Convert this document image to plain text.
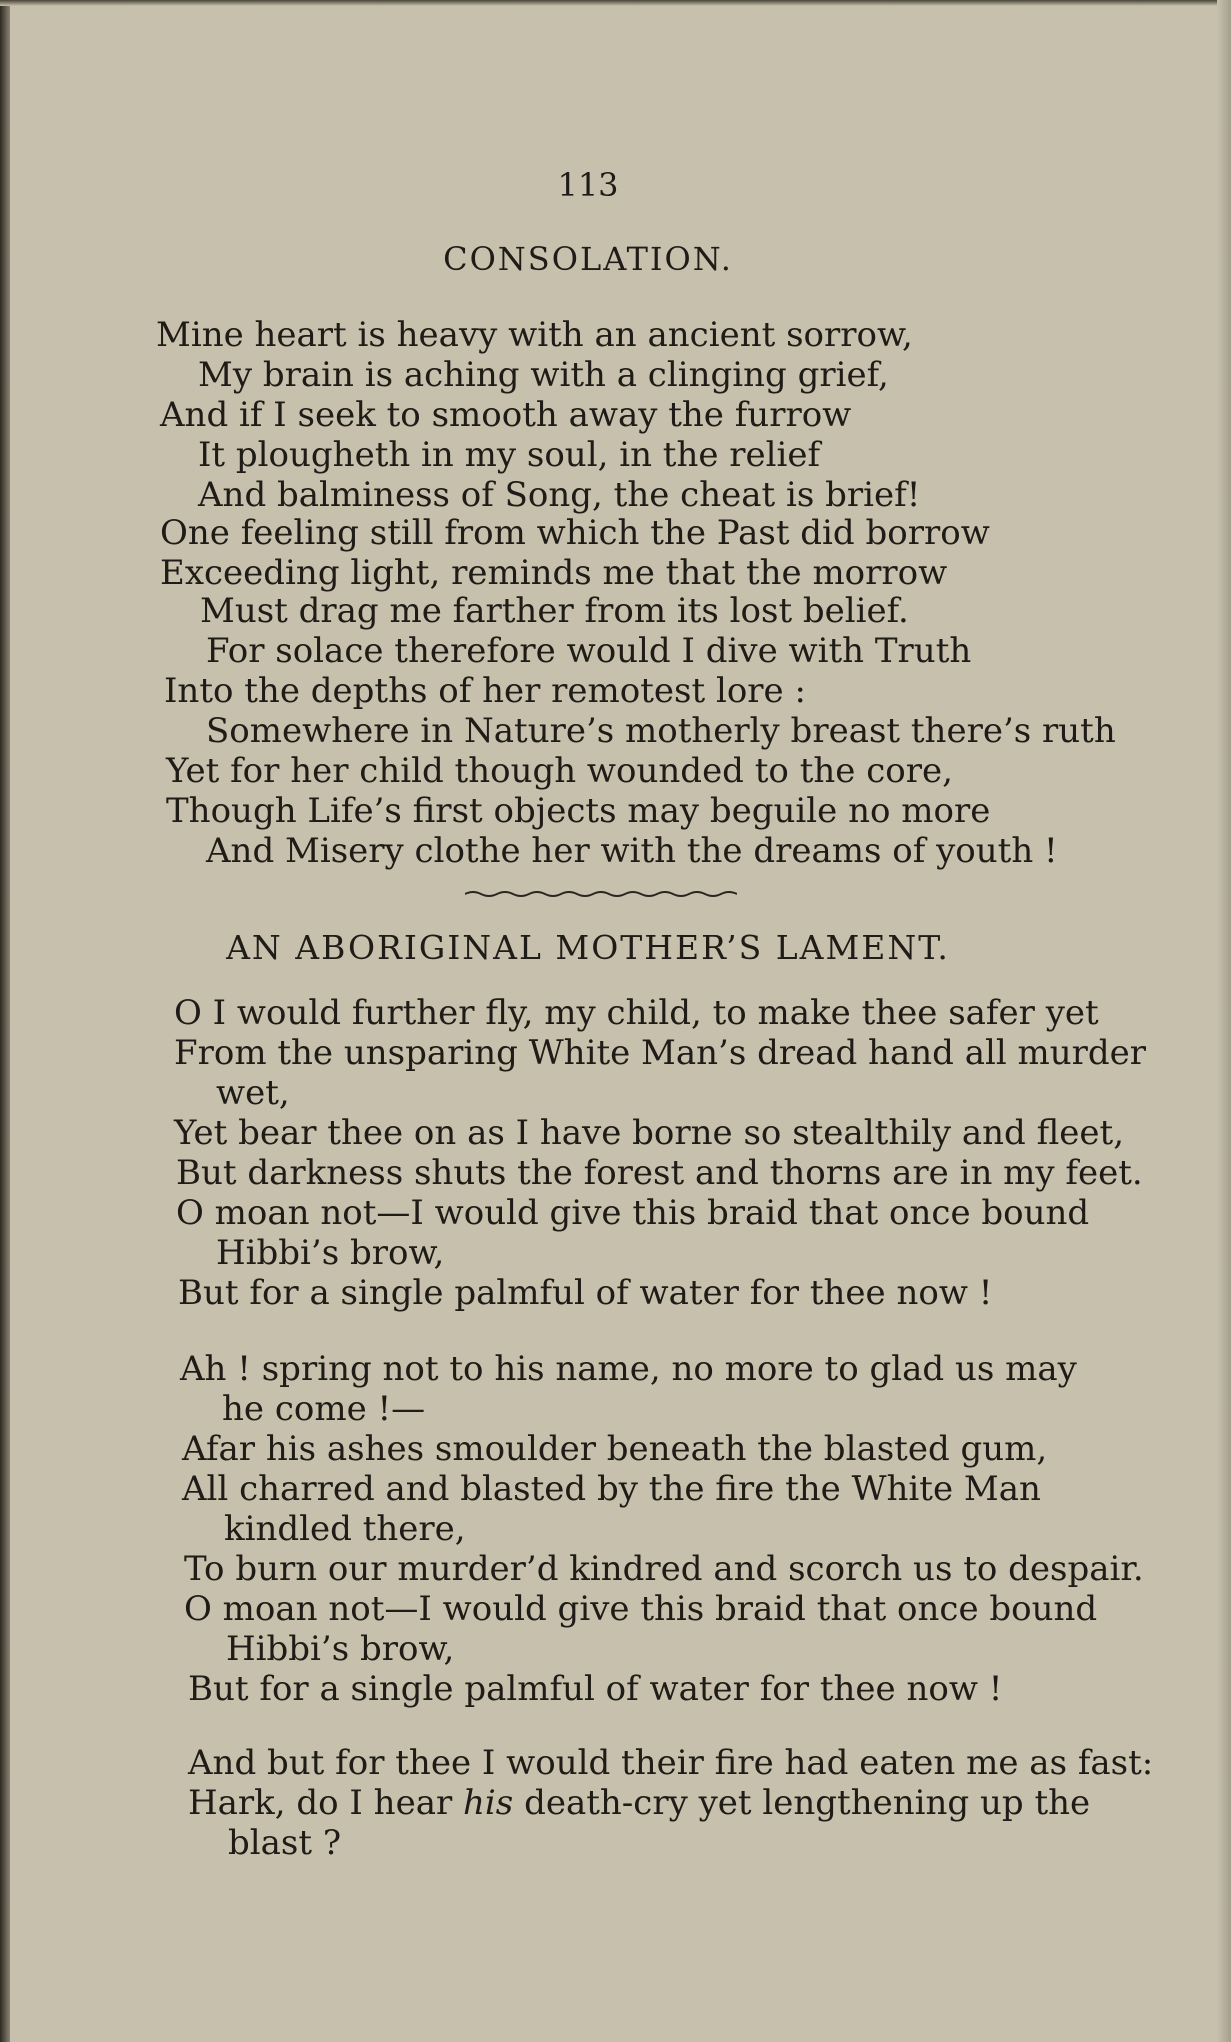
113
CONSOLATION.
Mine heart is heavy with an ancient sorrow,
My brain is aching with a clinging grief,
And if I seek to smooth away the furrow
It plougheth in my soul, in the relief
And balminess of Song, the cheat is brief!
One feeling still from which the Past did borrow
Exceeding light, reminds me that the morrow
Must drag me farther from its lost belief.
For solace therefore would I dive with Truth
Into the depths of her remotest lore :
Somewhere in Nature’s motherly breast there’s ruth
Yet for her child though wounded to the core,
Though Life’s first objects may beguile no more
And Misery clothe her with the dreams of youth !
AN ABORIGINAL MOTHER’S LAMENT.
O I would further fly, my child, to make thee safer yet
From the unsparing White Man’s dread hand all murder
wet,
Yet bear thee on as I have borne so stealthily and fleet,
But darkness shuts the forest and thorns are in my feet.
O moan not—I would give this braid that once bound
Hibbi’s brow,
But for a single palmful of water for thee now !
Ah ! spring not to his name, no more to glad us may
he come !—
Afar his ashes smoulder beneath the blasted gum,
All charred and blasted by the fire the White Man
kindled there,
To burn our murder’d kindred and scorch us to despair.
O moan not—I would give this braid that once bound
Hibbi’s brow,
But for a single palmful of water for thee now !
And but for thee I would their fire had eaten me as fast:
Hark, do I hear his death-cry yet lengthening up the
blast ?
